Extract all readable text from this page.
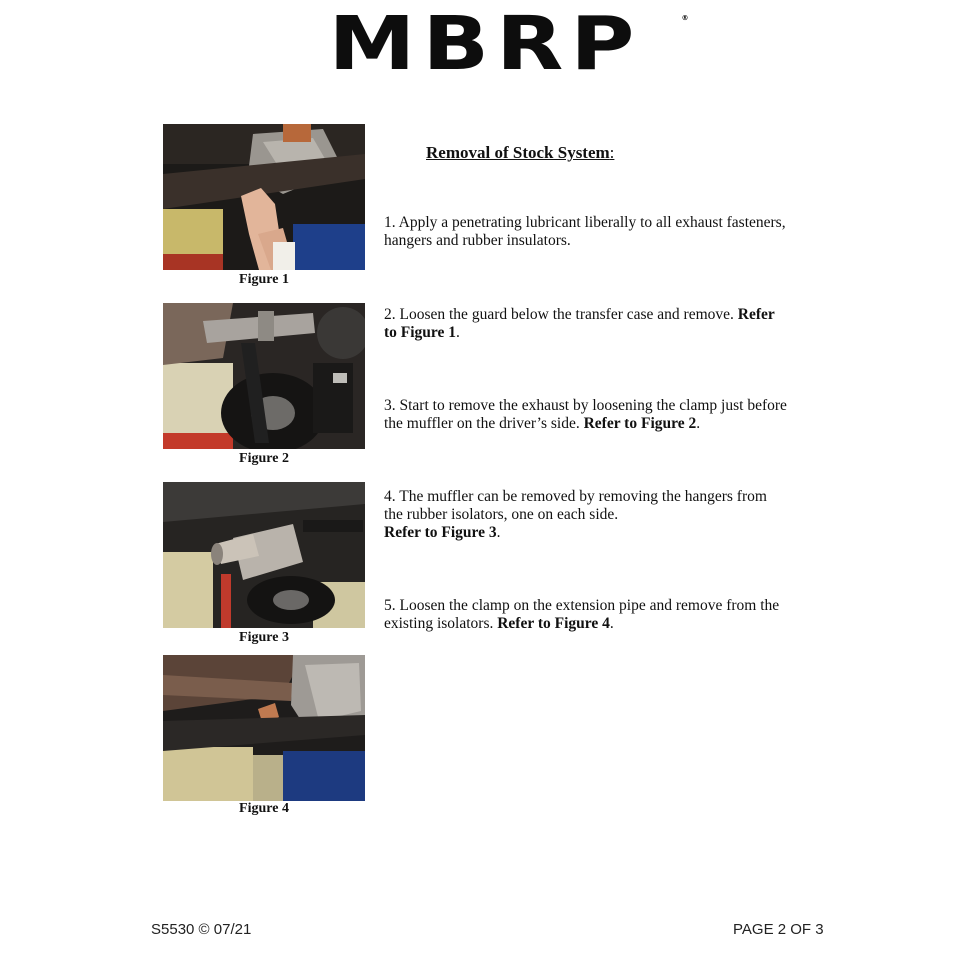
MBRP	®
Removal of Stock System:
1. Apply a penetrating lubricant liberally to all exhaust fasteners,
hangers and rubber insulators.
2. Loosen the guard below the transfer case and remove. Refer
to Figure 1.
3. Start to remove the exhaust by loosening the clamp just before
the muffler on the driver’s side. Refer to Figure 2.
4. The muffler can be removed by removing the hangers from
the rubber isolators, one on each side.
Refer to Figure 3.
5. Loosen the clamp on the extension pipe and remove from the
existing isolators. Refer to Figure 4.
Figure 1
Figure 2
Figure 3
Figure 4
S5530 © 07/21	PAGE 2 OF 3
